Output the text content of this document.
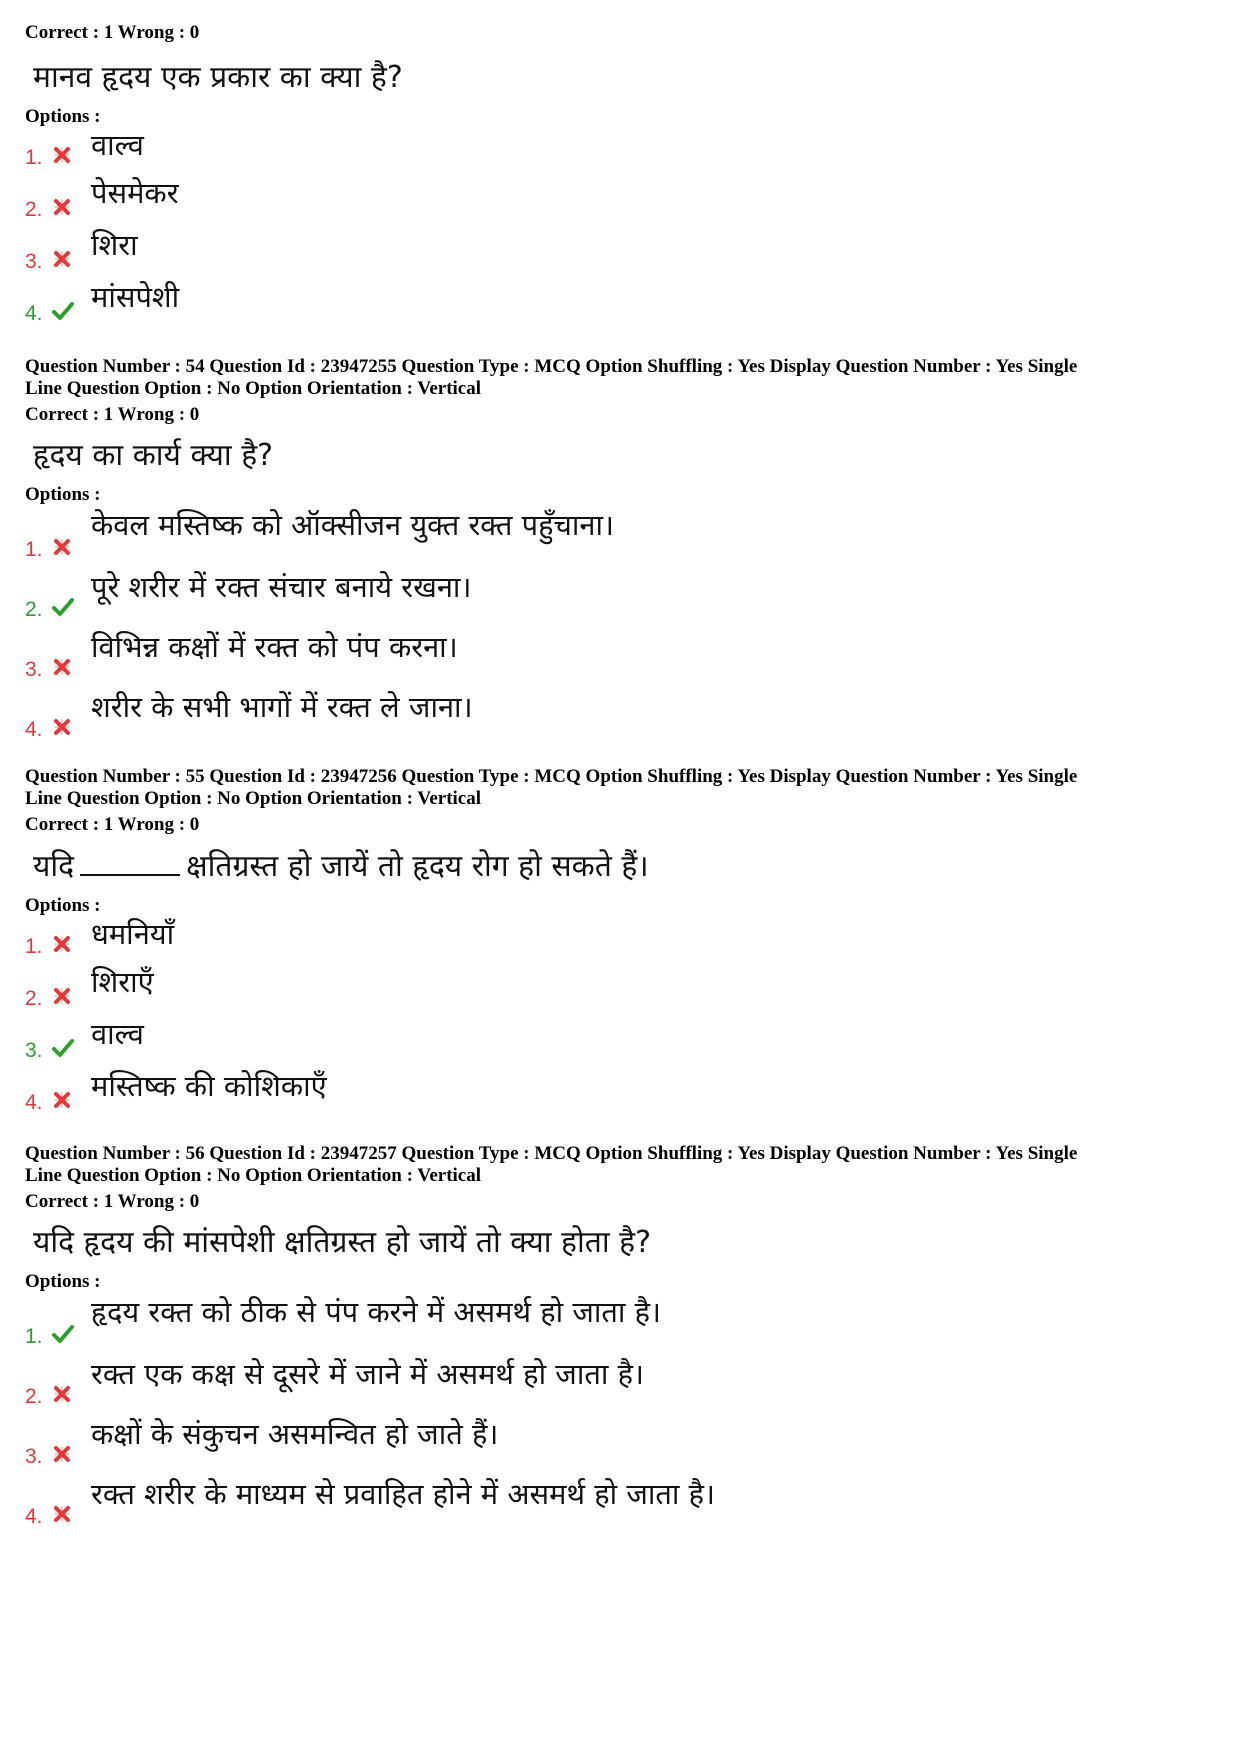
Correct : 1 Wrong : 0
मानव हृदय एक प्रकार का क्या है?
Options :
1. वाल्व
2. पेसमेकर
3. शिरा
4. मांसपेशी
Question Number : 54 Question Id : 23947255 Question Type : MCQ Option Shuffling : Yes Display Question Number : Yes Single
Line Question Option : No Option Orientation : Vertical
Correct : 1 Wrong : 0
हृदय का कार्य क्या है?
Options :
1.
केवल मस्तिष्क को ऑक्सीजन युक्त रक्त पहुँचाना।
2.
पूरे शरीर में रक्त संचार बनाये रखना।
3.
विभिन्न कक्षों में रक्त को पंप करना।
4.
शरीर के सभी भागों में रक्त ले जाना।
Question Number : 55 Question Id : 23947256 Question Type : MCQ Option Shuffling : Yes Display Question Number : Yes Single
Line Question Option : No Option Orientation : Vertical
Correct : 1 Wrong : 0
यदि	क्षतिग्रस्त हो जायें तो हृदय रोग हो सकते हैं।
Options :
1. धमनियाँ
2. शिराएँ
3. वाल्व
4. मस्तिष्क की कोशिकाएँ
Question Number : 56 Question Id : 23947257 Question Type : MCQ Option Shuffling : Yes Display Question Number : Yes Single
Line Question Option : No Option Orientation : Vertical
Correct : 1 Wrong : 0
यदि हृदय की मांसपेशी क्षतिग्रस्त हो जायें तो क्या होता है?
Options :
1.
हृदय रक्त को ठीक से पंप करने में असमर्थ हो जाता है।
2.
रक्त एक कक्ष से दूसरे में जाने में असमर्थ हो जाता है।
3.
कक्षों के संकुचन असमन्वित हो जाते हैं।
4.
रक्त शरीर के माध्यम से प्रवाहित होने में असमर्थ हो जाता है।
